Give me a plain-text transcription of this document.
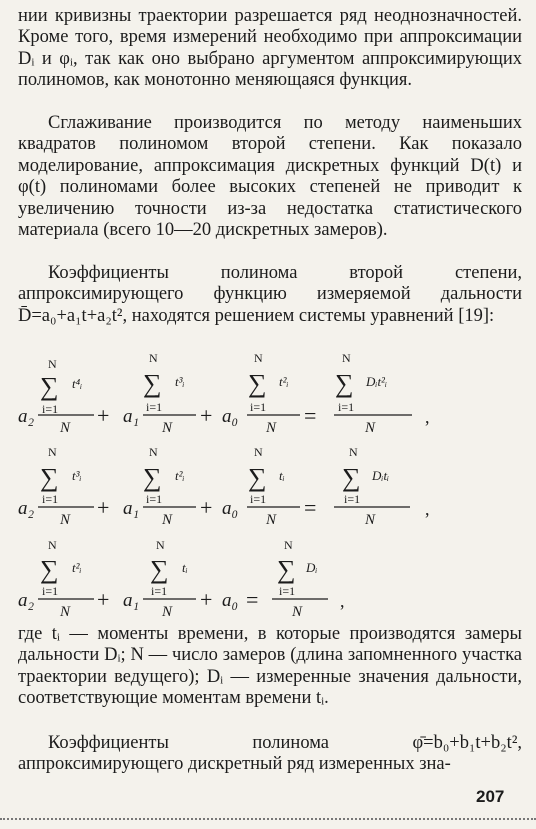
нии кривизны траектории разрешается ряд неоднозначностей. Кроме того, время измерений необходимо при аппроксимации Dᵢ и φᵢ, так как оно выбрано аргументом аппроксимирующих полиномов, как монотонно меняющаяся функция.

Сглаживание производится по методу наименьших квадратов полиномом второй степени. Как показало моделирование, аппроксимация дискретных функций D(t) и φ(t) полиномами более высоких степеней не приводит к увеличению точности из-за недостатка статистического материала (всего 10—20 дискретных замеров).

Коэффициенты полинома второй степени, аппроксимирующего функцию измеряемой дальности D̄=a₀+a₁t+a₂t², находятся решением системы уравнений [19]:

a₂
N
∑ t⁴ᵢ
i=1
N + a₁
N
∑ t³ᵢ
i=1
N + a₀
N
∑ t²ᵢ
i=1
N =
N
∑ Dᵢt²ᵢ
i=1
N
,
a₂
N
∑ t³ᵢ
i=1
N + a₁
N
∑ t²ᵢ
i=1
N + a₀
N
∑ tᵢ
i=1
N =
N
∑ Dᵢtᵢ
i=1
N
,
a₂
N
∑ t²ᵢ
i=1
N + a₁
N
∑ tᵢ
i=1
N + a₀ =
N
∑ Dᵢ
i=1
N
,

где tᵢ — моменты времени, в которые производятся замеры дальности Dᵢ; N — число замеров (длина запомненного участка траектории ведущего); Dᵢ — измеренные значения дальности, соответствующие моментам времени tᵢ.

Коэффициенты полинома φ̄=b₀+b₁t+b₂t², аппроксимирующего дискретный ряд измеренных зна-

207
